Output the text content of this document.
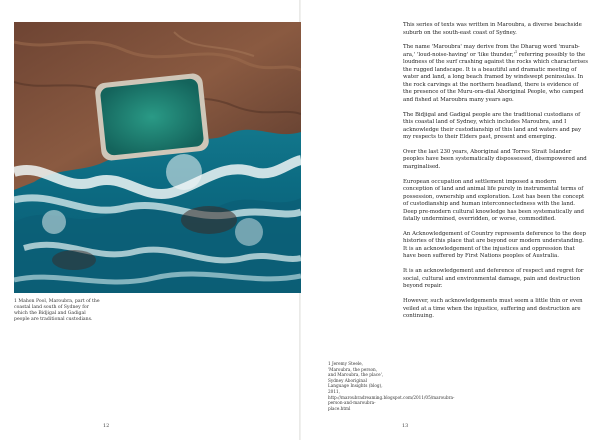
1 Mahon Pool, Maroubra, part of the coastal land south of Sydney for which the Bidjigal and Gadigal people are traditional custodians.
12
1 Jeremy Steele, 'Maroubra, the person, and Maroubra, the place', Sydney Aboriginal Language Insights (blog), 2011, http://maroubradreaming.blogspot.com/2011/05/maroubra-person-and-maroubra-place.html

This series of texts was written in Maroubra, a diverse beachside suburb on the south-east coast of Sydney.

The name 'Maroubra' may derive from the Dharug word 'murab-ara,' 'loud-noise-having' or 'like thunder,'$^1$ referring possibly to the loudness of the surf crashing against the rocks which characterises the rugged landscape. It is a beautiful and dramatic meeting of water and land, a long beach framed by windswept peninsulas. In the rock carvings at the northern headland, there is evidence of the presence of the Muru-ora-dial Aboriginal People, who camped and fished at Maroubra many years ago.

The Bidjigal and Gadigal people are the traditional custodians of this coastal land of Sydney, which includes Maroubra, and I acknowledge their custodianship of this land and waters and pay my respects to their Elders past, present and emerging.

Over the last 230 years, Aboriginal and Torres Strait Islander peoples have been systematically dispossessed, disempowered and marginalised.

European occupation and settlement imposed a modern conception of land and animal life purely in instrumental terms of possession, ownership and exploration. Lost has been the concept of custodianship and human interconnectedness with the land. Deep pre-modern cultural knowledge has been systematically and fatally undermined, overridden, or worse, commodified.

An Acknowledgement of Country represents deference to the deep histories of this place that are beyond our modern understanding. It is an acknowledgement of the injustices and oppression that have been suffered by First Nations peoples of Australia.

It is an acknowledgement and deference of respect and regret for social, cultural and environmental damage, pain and destruction beyond repair.

However, such acknowledgements must seem a little thin or even veiled at a time when the injustice, suffering and destruction are continuing.

13
